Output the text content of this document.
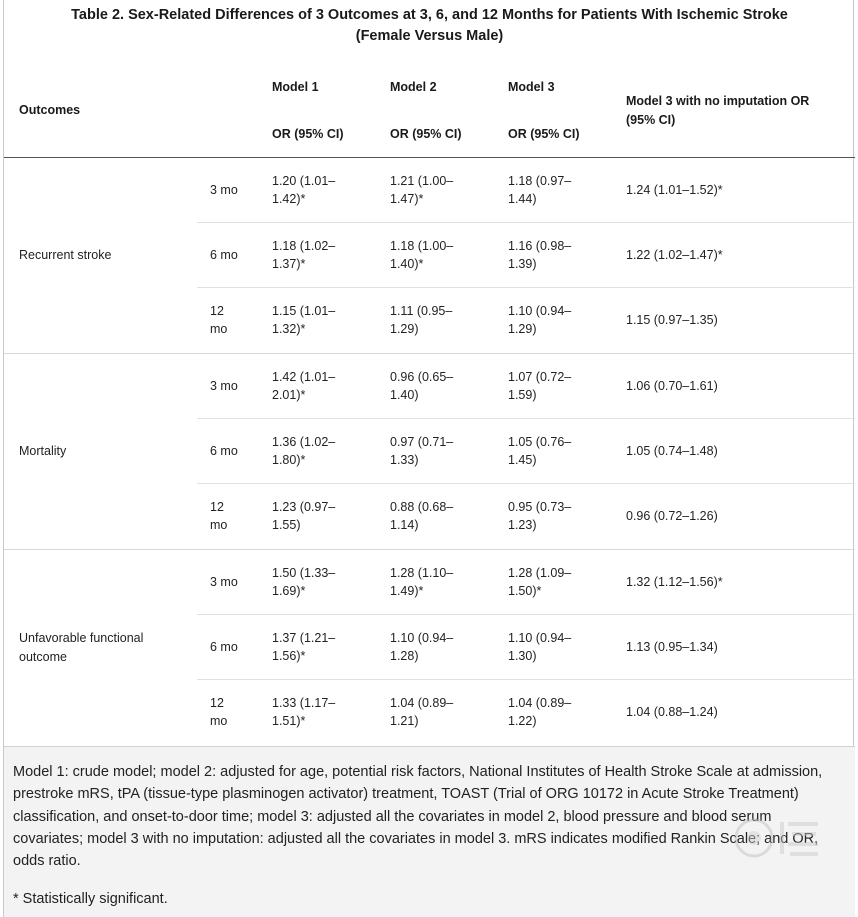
Table 2. Sex-Related Differences of 3 Outcomes at 3, 6, and 12 Months for Patients With Ischemic Stroke
(Female Versus Male)
Outcomes
Model 1
OR (95% CI)
Model 2
OR (95% CI)
Model 3
OR (95% CI)
Model 3 with no imputation OR (95% CI)
Recurrent stroke
3 mo
1.20 (1.01–1.42)*
1.21 (1.00–1.47)*
1.18 (0.97–1.44)
1.24 (1.01–1.52)*
6 mo
1.18 (1.02–1.37)*
1.18 (1.00–1.40)*
1.16 (0.98–1.39)
1.22 (1.02–1.47)*
12 mo
1.15 (1.01–1.32)*
1.11 (0.95–1.29)
1.10 (0.94–1.29)
1.15 (0.97–1.35)
Mortality
3 mo
1.42 (1.01–2.01)*
0.96 (0.65–1.40)
1.07 (0.72–1.59)
1.06 (0.70–1.61)
6 mo
1.36 (1.02–1.80)*
0.97 (0.71–1.33)
1.05 (0.76–1.45)
1.05 (0.74–1.48)
12 mo
1.23 (0.97–1.55)
0.88 (0.68–1.14)
0.95 (0.73–1.23)
0.96 (0.72–1.26)
Unfavorable functional outcome
3 mo
1.50 (1.33–1.69)*
1.28 (1.10–1.49)*
1.28 (1.09–1.50)*
1.32 (1.12–1.56)*
6 mo
1.37 (1.21–1.56)*
1.10 (0.94–1.28)
1.10 (0.94–1.30)
1.13 (0.95–1.34)
12 mo
1.33 (1.17–1.51)*
1.04 (0.89–1.21)
1.04 (0.89–1.22)
1.04 (0.88–1.24)
Model 1: crude model; model 2: adjusted for age, potential risk factors, National Institutes of Health Stroke Scale at admission, prestroke mRS, tPA (tissue-type plasminogen activator) treatment, TOAST (Trial of ORG 10172 in Acute Stroke Treatment) classification, and onset-to-door time; model 3: adjusted all the covariates in model 2, blood pressure and blood serum covariates; model 3 with no imputation: adjusted all the covariates in model 3. mRS indicates modified Rankin Scale; and OR, odds ratio.
* Statistically significant.
